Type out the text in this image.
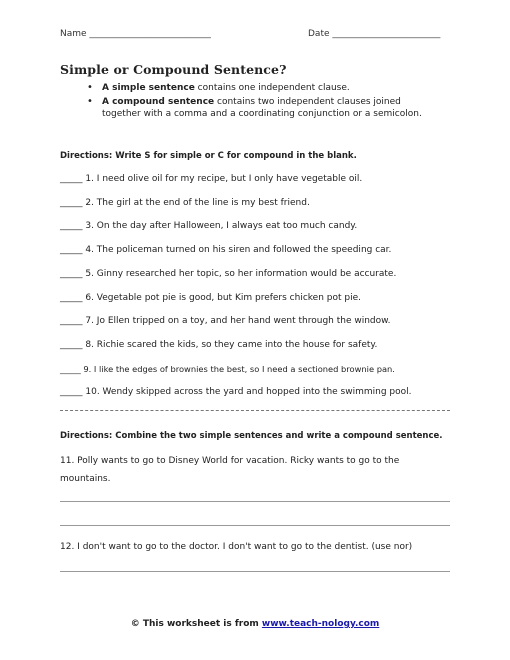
Name ___________________________	Date ________________________
Simple or Compound Sentence?
• A simple sentence contains one independent clause.
• A compound sentence contains two independent clauses joined together with a comma and a coordinating conjunction or a semicolon.
Directions: Write S for simple or C for compound in the blank.
_____ 1. I need olive oil for my recipe, but I only have vegetable oil.
_____ 2. The girl at the end of the line is my best friend.
_____ 3. On the day after Halloween, I always eat too much candy.
_____ 4. The policeman turned on his siren and followed the speeding car.
_____ 5. Ginny researched her topic, so her information would be accurate.
_____ 6. Vegetable pot pie is good, but Kim prefers chicken pot pie.
_____ 7. Jo Ellen tripped on a toy, and her hand went through the window.
_____ 8. Richie scared the kids, so they came into the house for safety.
_____ 9. I like the edges of brownies the best, so I need a sectioned brownie pan.
_____ 10. Wendy skipped across the yard and hopped into the swimming pool.
Directions: Combine the two simple sentences and write a compound sentence.
11. Polly wants to go to Disney World for vacation. Ricky wants to go to the mountains.
12. I don't want to go to the doctor. I don't want to go to the dentist. (use nor)
© This worksheet is from www.teach-nology.com
